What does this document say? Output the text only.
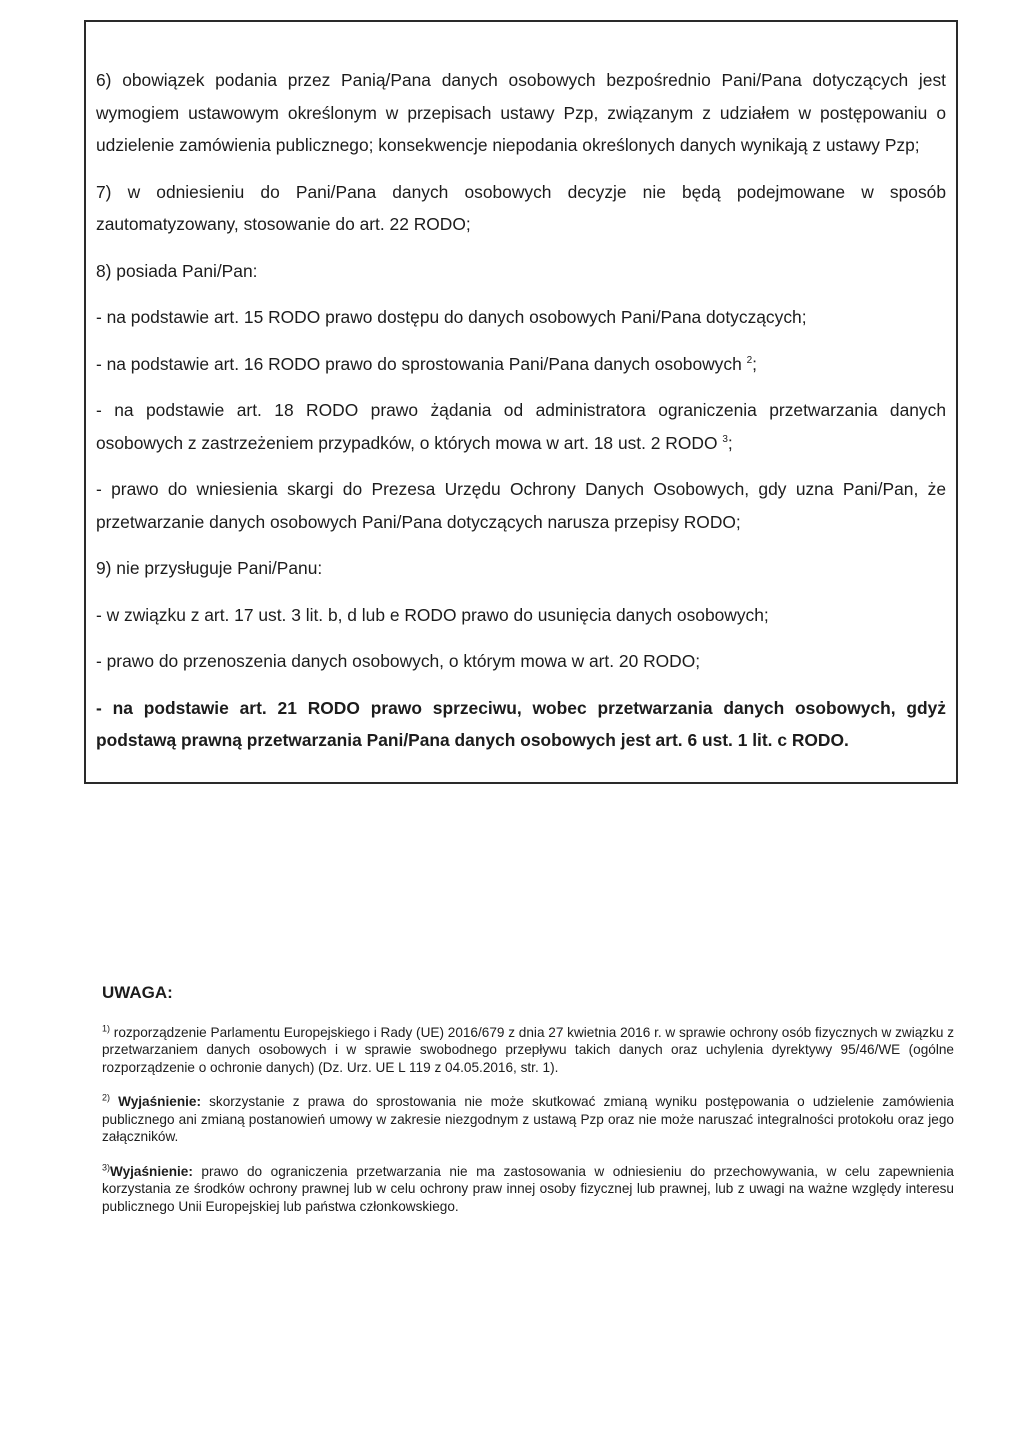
6) obowiązek podania przez Panią/Pana danych osobowych bezpośrednio Pani/Pana dotyczących jest wymogiem ustawowym określonym w przepisach ustawy Pzp, związanym z udziałem w postępowaniu o udzielenie zamówienia publicznego; konsekwencje niepodania określonych danych wynikają z ustawy Pzp;

7) w odniesieniu do Pani/Pana danych osobowych decyzje nie będą podejmowane w sposób zautomatyzowany, stosowanie do art. 22 RODO;

8) posiada Pani/Pan:

- na podstawie art. 15 RODO prawo dostępu do danych osobowych Pani/Pana dotyczących;

- na podstawie art. 16 RODO prawo do sprostowania Pani/Pana danych osobowych $^2$;

- na podstawie art. 18 RODO prawo żądania od administratora ograniczenia przetwarzania danych osobowych z zastrzeżeniem przypadków, o których mowa w art. 18 ust. 2 RODO $^3$;

- prawo do wniesienia skargi do Prezesa Urzędu Ochrony Danych Osobowych, gdy uzna Pani/Pan, że przetwarzanie danych osobowych Pani/Pana dotyczących narusza przepisy RODO;

9) nie przysługuje Pani/Panu:

- w związku z art. 17 ust. 3 lit. b, d lub e RODO prawo do usunięcia danych osobowych;

- prawo do przenoszenia danych osobowych, o którym mowa w art. 20 RODO;

- na podstawie art. 21 RODO prawo sprzeciwu, wobec przetwarzania danych osobowych, gdyż podstawą prawną przetwarzania Pani/Pana danych osobowych jest art. 6 ust. 1 lit. c RODO.

UWAGA:

$^{1)}$ rozporządzenie Parlamentu Europejskiego i Rady (UE) 2016/679 z dnia 27 kwietnia 2016 r. w sprawie ochrony osób fizycznych w związku z przetwarzaniem danych osobowych i w sprawie swobodnego przepływu takich danych oraz uchylenia dyrektywy 95/46/WE (ogólne rozporządzenie o ochronie danych) (Dz. Urz. UE L 119 z 04.05.2016, str. 1).

$^{2)}$ Wyjaśnienie: skorzystanie z prawa do sprostowania nie może skutkować zmianą wyniku postępowania o udzielenie zamówienia publicznego ani zmianą postanowień umowy w zakresie niezgodnym z ustawą Pzp oraz nie może naruszać integralności protokołu oraz jego załączników.

$^{3)}$Wyjaśnienie: prawo do ograniczenia przetwarzania nie ma zastosowania w odniesieniu do przechowywania, w celu zapewnienia korzystania ze środków ochrony prawnej lub w celu ochrony praw innej osoby fizycznej lub prawnej, lub z uwagi na ważne względy interesu publicznego Unii Europejskiej lub państwa członkowskiego.
